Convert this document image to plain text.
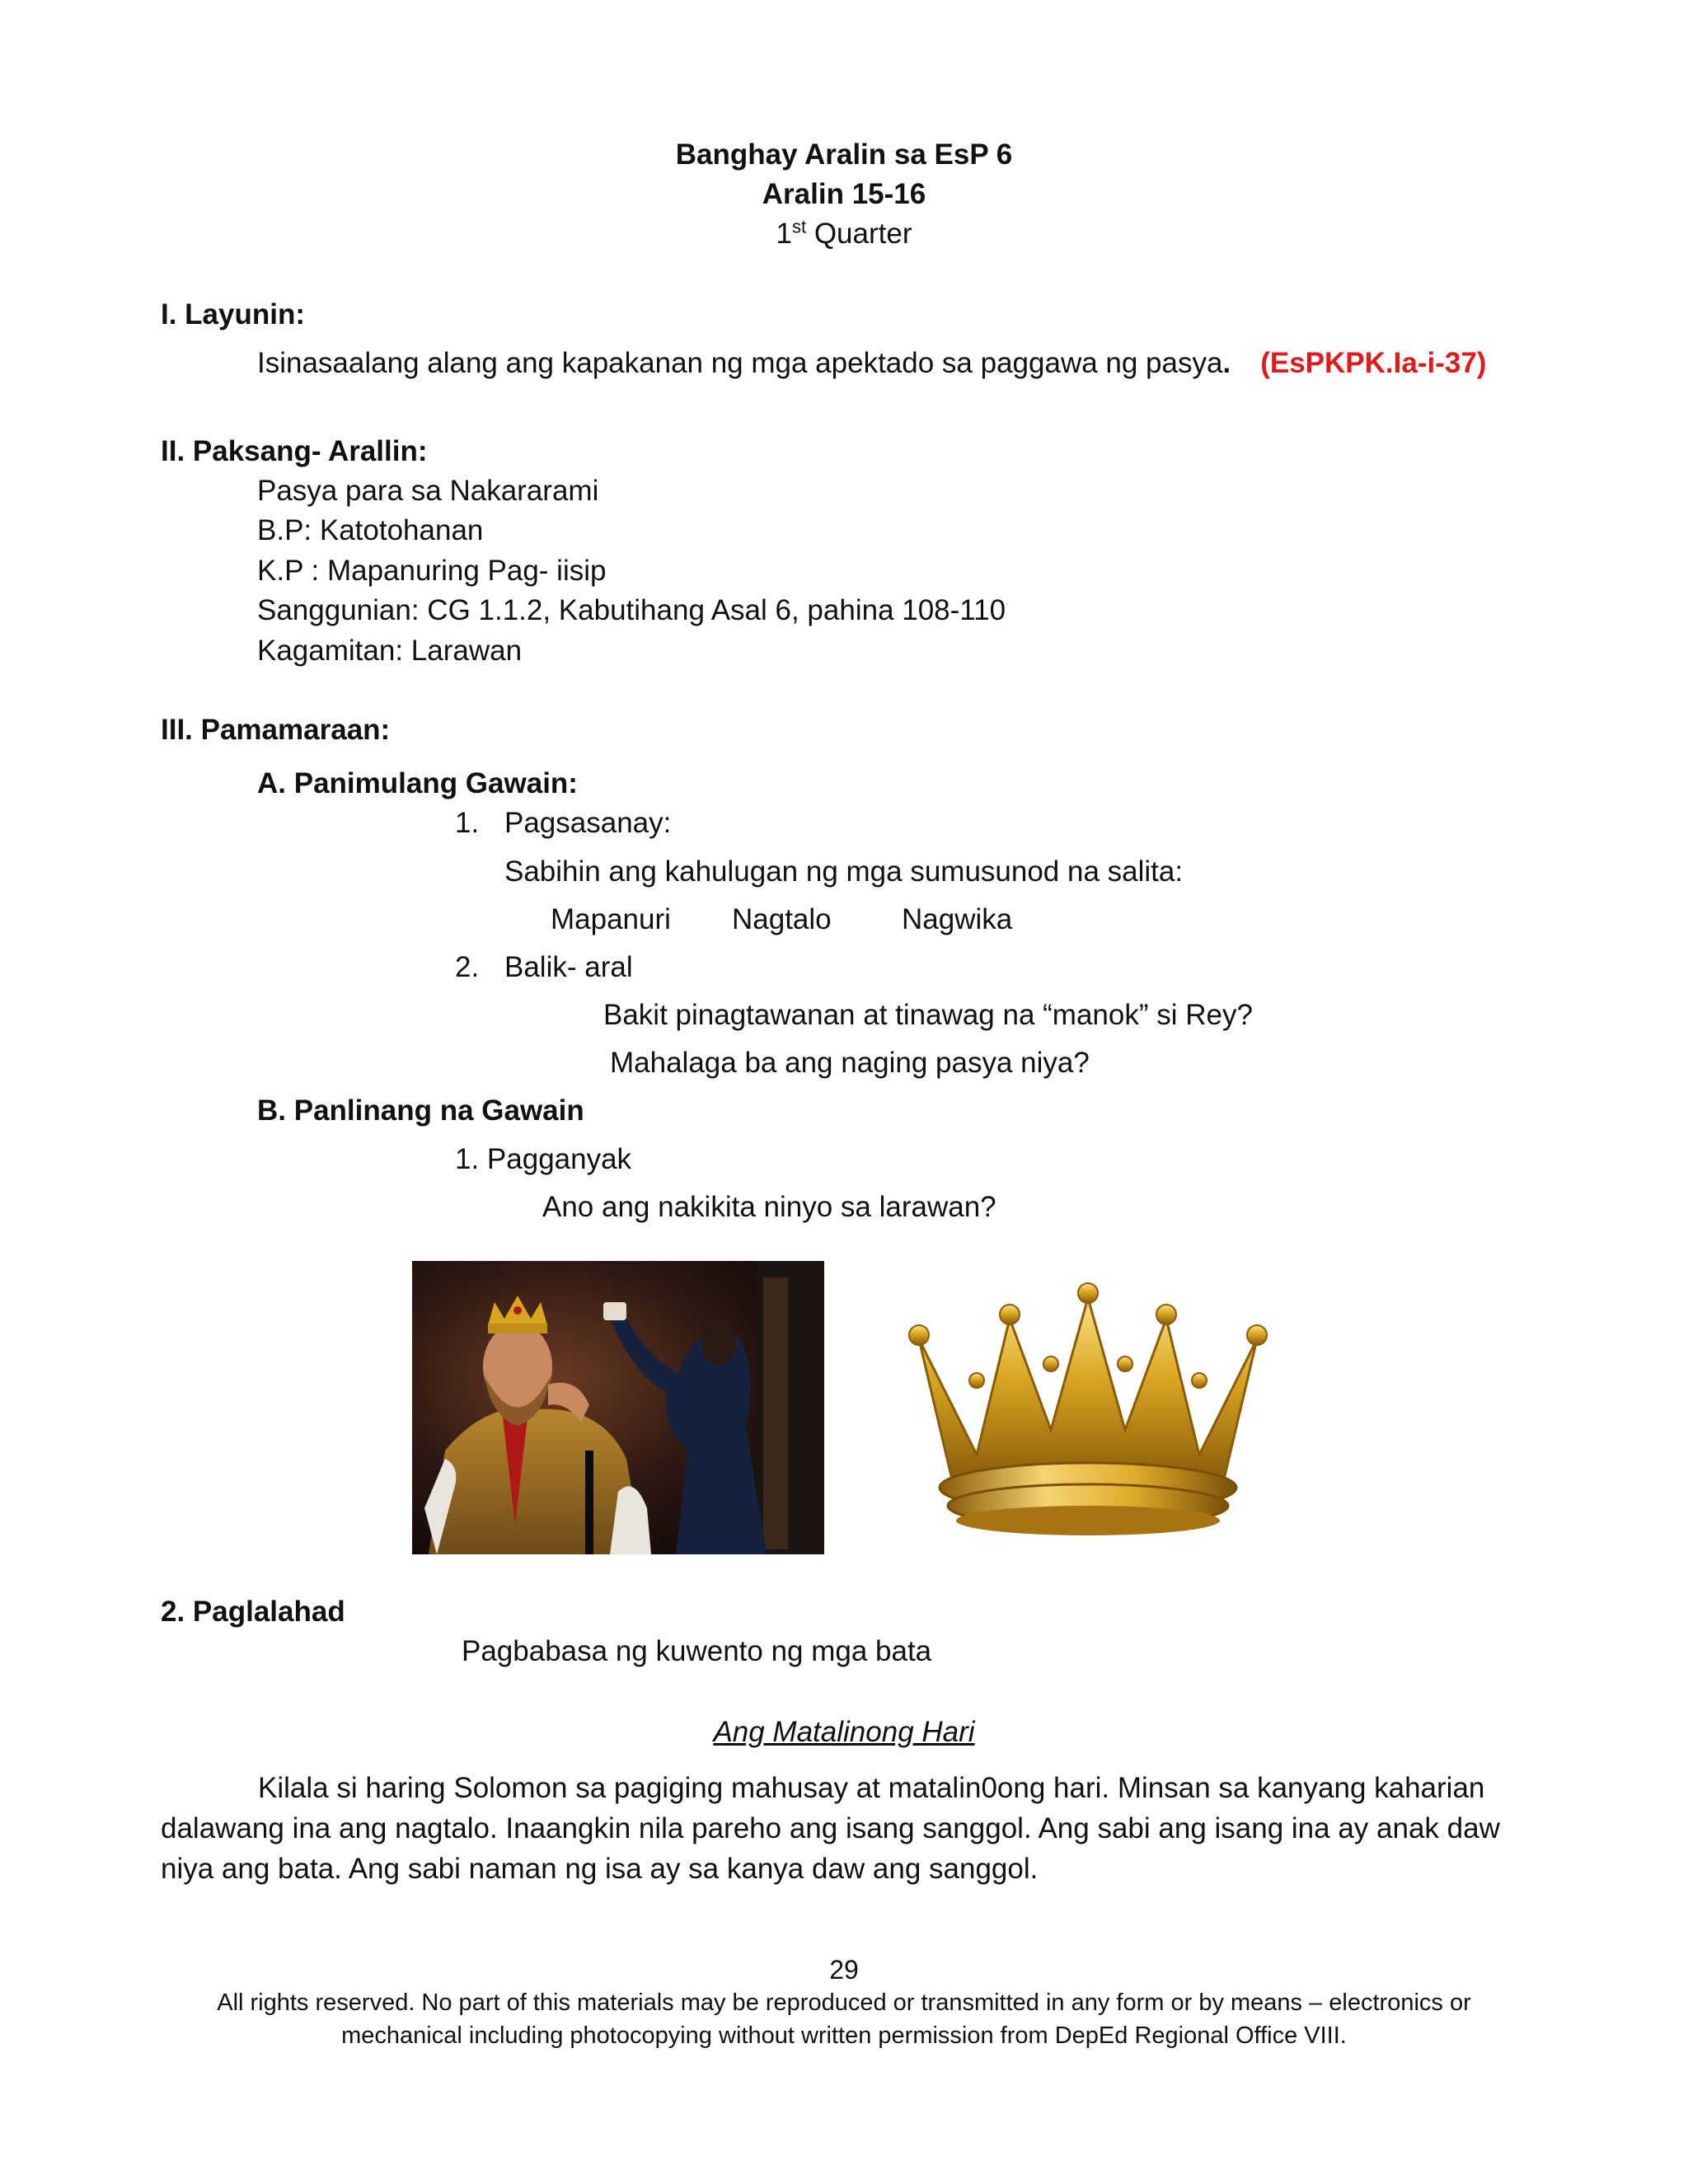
Banghay Aralin sa EsP 6
Aralin 15-16
1st Quarter
I. Layunin:
Isinasaalang alang ang kapakanan ng mga apektado sa paggawa ng pasya. (EsPKPK.Ia-i-37)
II. Paksang- Arallin:
Pasya para sa Nakararami
B.P: Katotohanan
K.P : Mapanuring Pag- iisip
Sanggunian: CG 1.1.2, Kabutihang Asal 6, pahina 108-110
Kagamitan: Larawan
III. Pamamaraan:
A. Panimulang Gawain:
1. Pagsasanay:
Sabihin ang kahulugan ng mga sumusunod na salita:
Mapanuri Nagtalo Nagwika
2. Balik- aral
Bakit pinagtawanan at tinawag na “manok” si Rey?
Mahalaga ba ang naging pasya niya?
B. Panlinang na Gawain
1. Pagganyak
Ano ang nakikita ninyo sa larawan?
2. Paglalahad
Pagbabasa ng kuwento ng mga bata
Ang Matalinong Hari
Kilala si haring Solomon sa pagiging mahusay at matalin0ong hari. Minsan sa kanyang kaharian dalawang ina ang nagtalo. Inaangkin nila pareho ang isang sanggol. Ang sabi ang isang ina ay anak daw niya ang bata. Ang sabi naman ng isa ay sa kanya daw ang sanggol.
29
All rights reserved. No part of this materials may be reproduced or transmitted in any form or by means – electronics or
mechanical including photocopying without written permission from DepEd Regional Office VIII.
